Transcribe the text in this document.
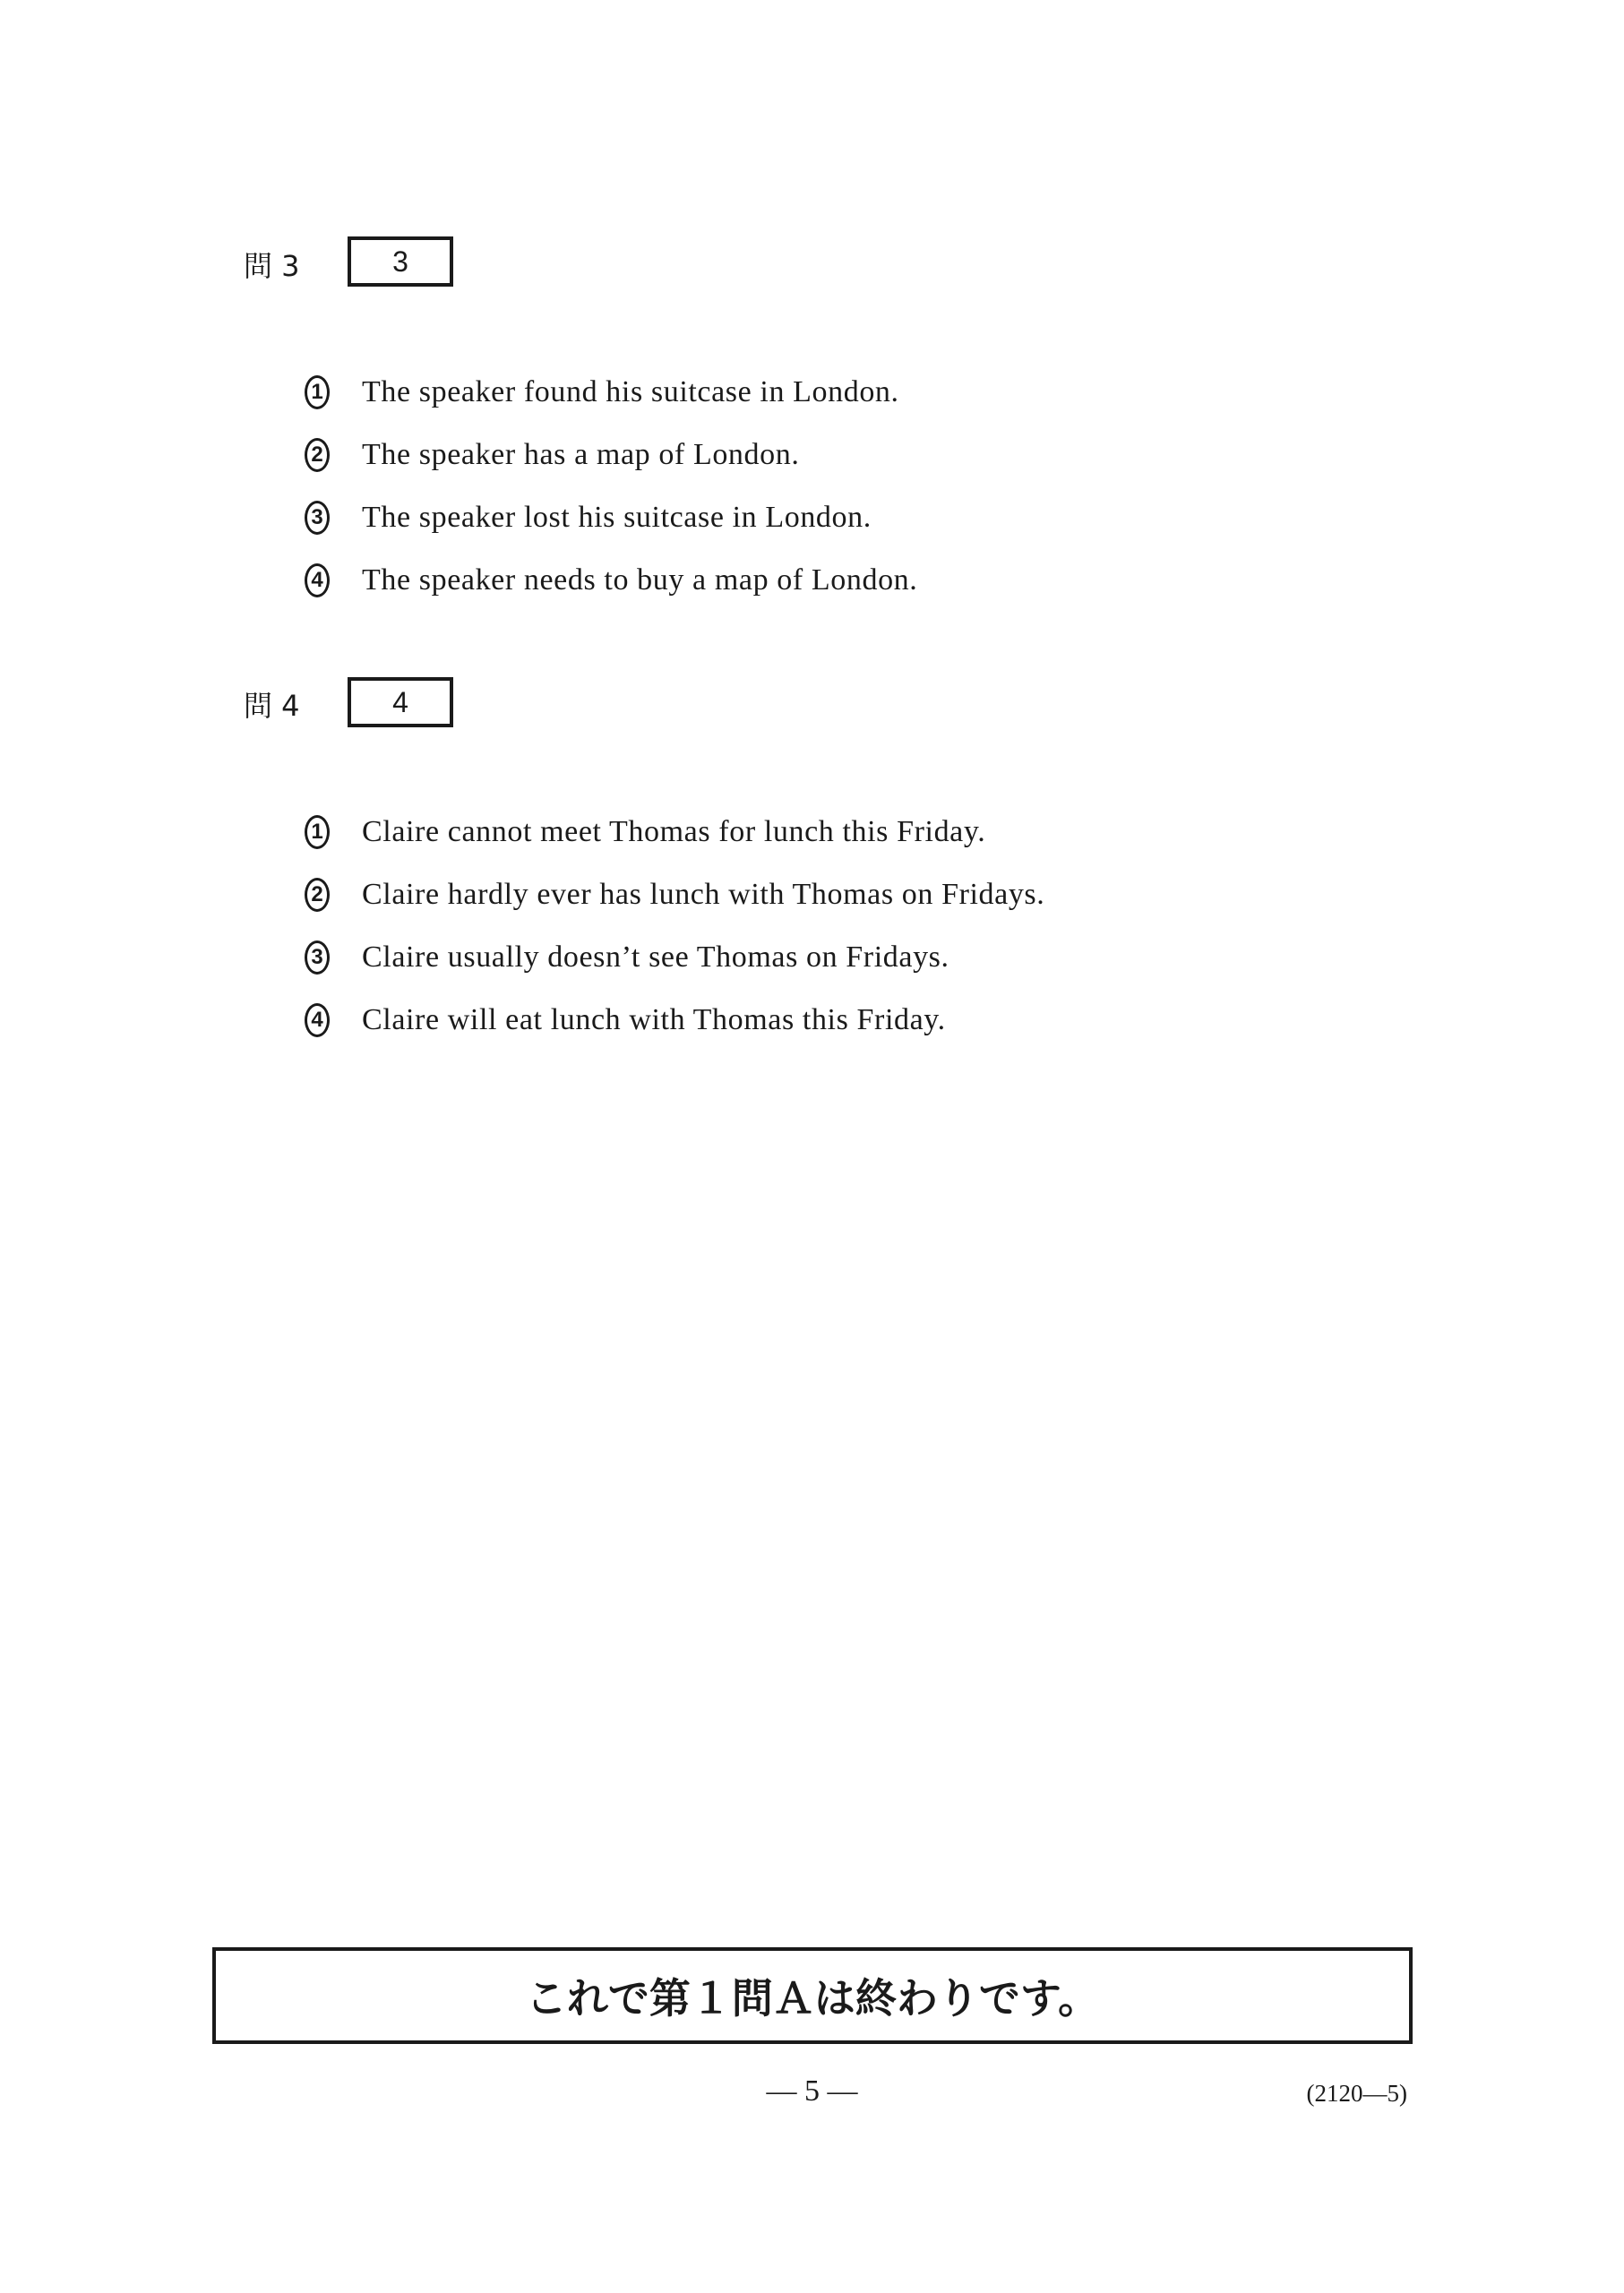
問 3	3
1 The speaker found his suitcase in London.
2 The speaker has a map of London.
3 The speaker lost his suitcase in London.
4 The speaker needs to buy a map of London.
問 4	4
1 Claire cannot meet Thomas for lunch this Friday.
2 Claire hardly ever has lunch with Thomas on Fridays.
3 Claire usually doesn’t see Thomas on Fridays.
4 Claire will eat lunch with Thomas this Friday.
これで第１問Ａは終わりです。
— 5 —	(2120—5)
